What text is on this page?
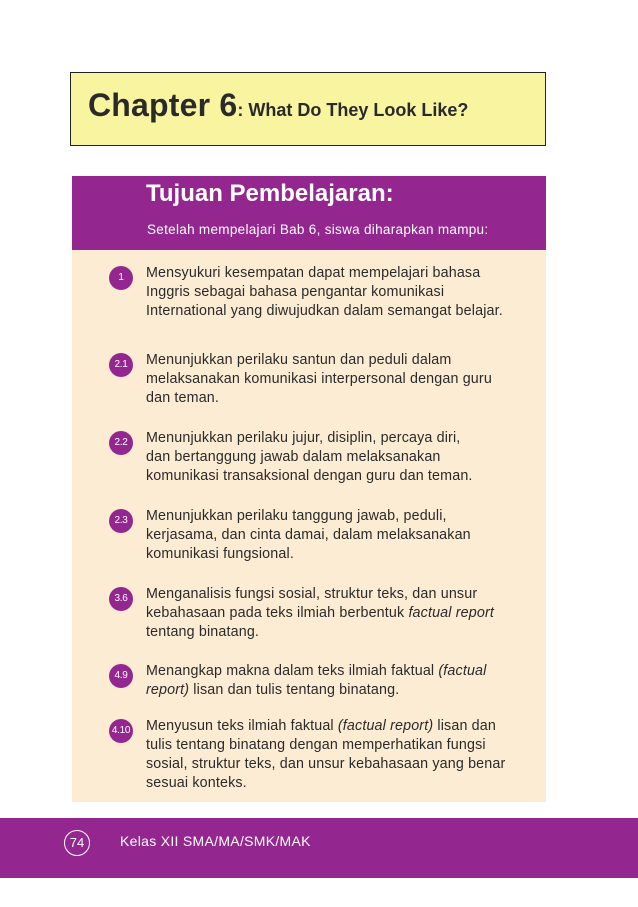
Chapter 6: What Do They Look Like?
Tujuan Pembelajaran:
Setelah mempelajari Bab 6, siswa diharapkan mampu:
1	Mensyukuri kesempatan dapat mempelajari bahasa
Inggris sebagai bahasa pengantar komunikasi
International yang diwujudkan dalam semangat belajar.
2.1	Menunjukkan perilaku santun dan peduli dalam
melaksanakan komunikasi interpersonal dengan guru
dan teman.
2.2	Menunjukkan perilaku jujur, disiplin, percaya diri,
dan bertanggung jawab dalam melaksanakan
komunikasi transaksional dengan guru dan teman.
2.3	Menunjukkan perilaku tanggung jawab, peduli,
kerjasama, dan cinta damai, dalam melaksanakan
komunikasi fungsional.
3.6	Menganalisis fungsi sosial, struktur teks, dan unsur
kebahasaan pada teks ilmiah berbentuk factual report
tentang binatang.
4.9	Menangkap makna dalam teks ilmiah faktual (factual
report) lisan dan tulis tentang binatang.
4.10 Menyusun teks ilmiah faktual (factual report) lisan dan
tulis tentang binatang dengan memperhatikan fungsi
sosial, struktur teks, dan unsur kebahasaan yang benar
sesuai konteks.
74	Kelas XII SMA/MA/SMK/MAK
